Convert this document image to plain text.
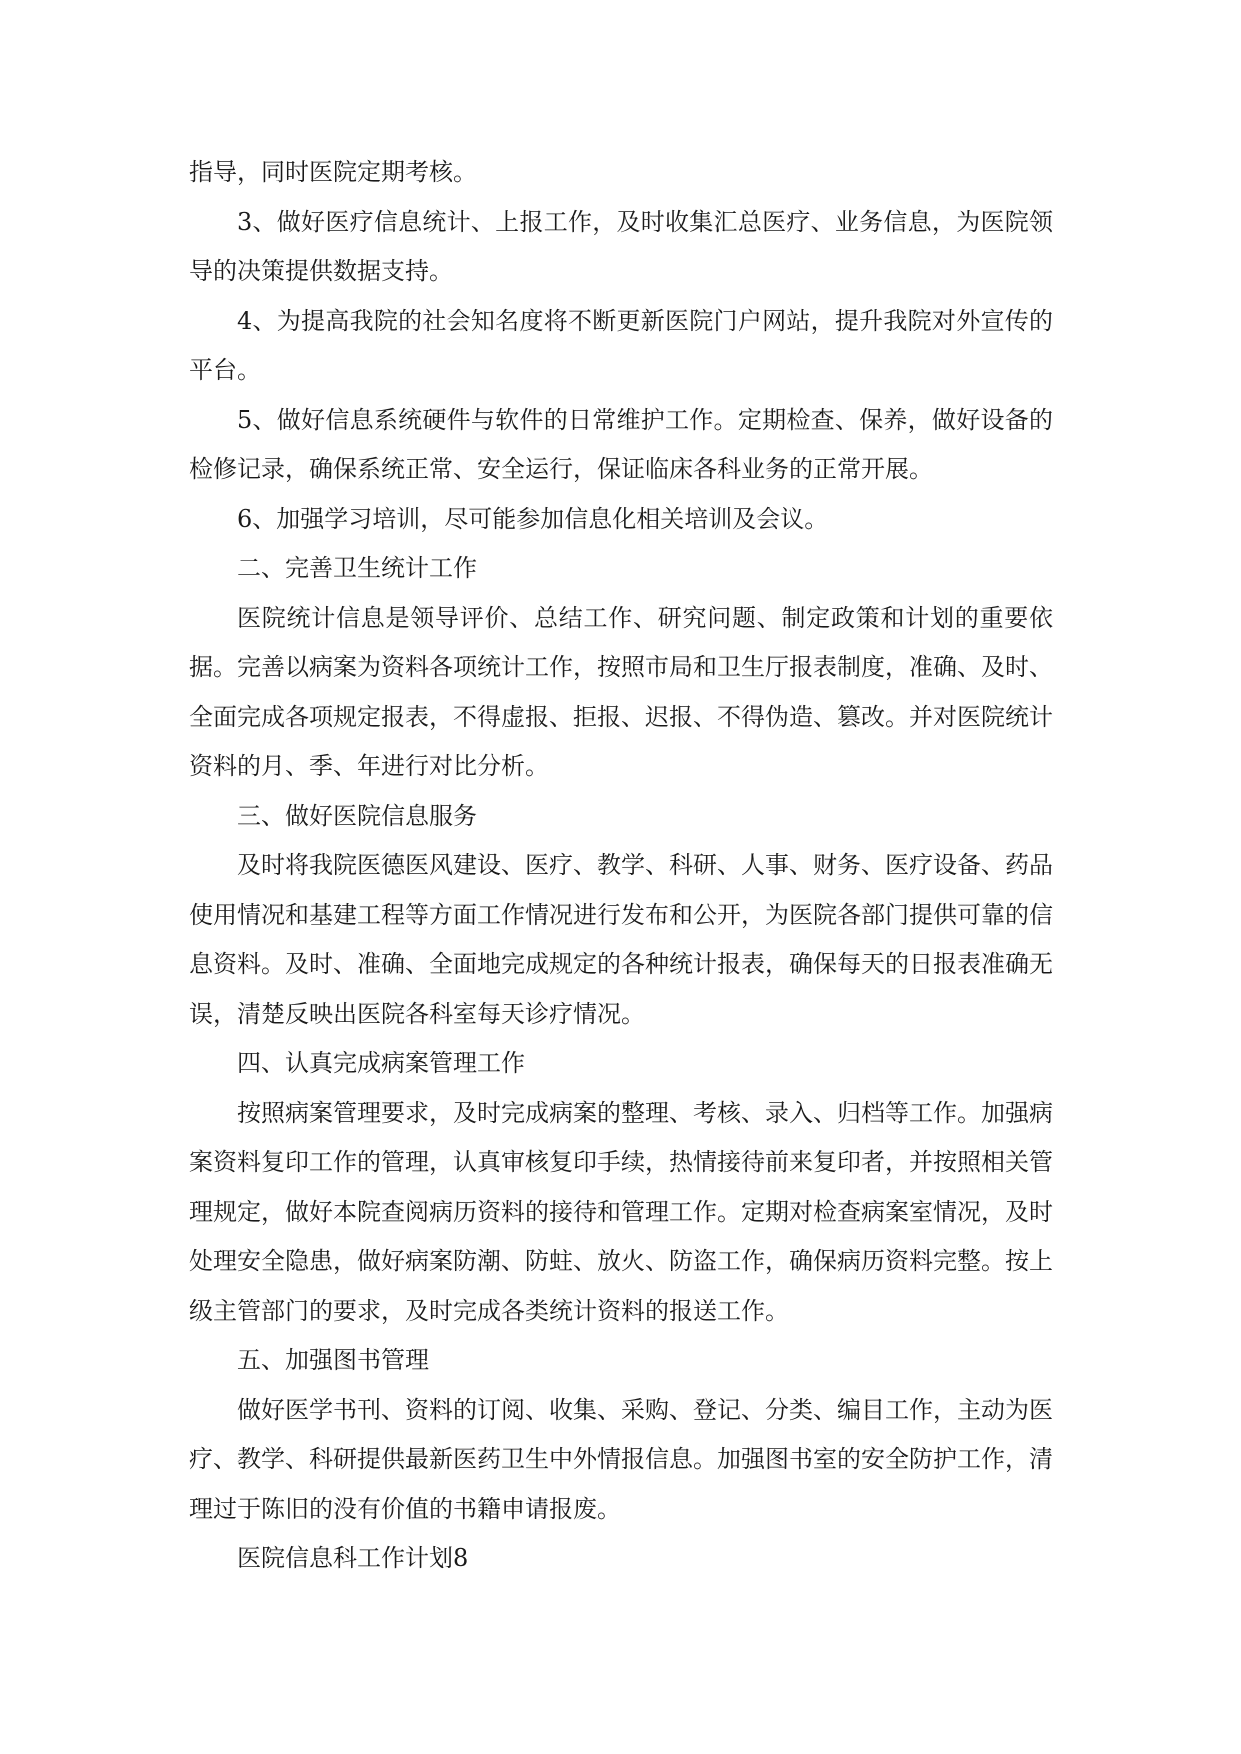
指导，同时医院定期考核。

3、做好医疗信息统计、上报工作，及时收集汇总医疗、业务信息，为医院领导的决策提供数据支持。

4、为提高我院的社会知名度将不断更新医院门户网站，提升我院对外宣传的平台。

5、做好信息系统硬件与软件的日常维护工作。定期检查、保养，做好设备的检修记录，确保系统正常、安全运行，保证临床各科业务的正常开展。

6、加强学习培训，尽可能参加信息化相关培训及会议。

二、完善卫生统计工作

医院统计信息是领导评价、总结工作、研究问题、制定政策和计划的重要依据。完善以病案为资料各项统计工作，按照市局和卫生厅报表制度，准确、及时、全面完成各项规定报表，不得虚报、拒报、迟报、不得伪造、篡改。并对医院统计资料的月、季、年进行对比分析。

三、做好医院信息服务

及时将我院医德医风建设、医疗、教学、科研、人事、财务、医疗设备、药品使用情况和基建工程等方面工作情况进行发布和公开，为医院各部门提供可靠的信息资料。及时、准确、全面地完成规定的各种统计报表，确保每天的日报表准确无误，清楚反映出医院各科室每天诊疗情况。

四、认真完成病案管理工作

按照病案管理要求，及时完成病案的整理、考核、录入、归档等工作。加强病案资料复印工作的管理，认真审核复印手续，热情接待前来复印者，并按照相关管理规定，做好本院查阅病历资料的接待和管理工作。定期对检查病案室情况，及时处理安全隐患，做好病案防潮、防蛀、放火、防盗工作，确保病历资料完整。按上级主管部门的要求，及时完成各类统计资料的报送工作。

五、加强图书管理

做好医学书刊、资料的订阅、收集、采购、登记、分类、编目工作，主动为医疗、教学、科研提供最新医药卫生中外情报信息。加强图书室的安全防护工作，清理过于陈旧的没有价值的书籍申请报废。

医院信息科工作计划8
